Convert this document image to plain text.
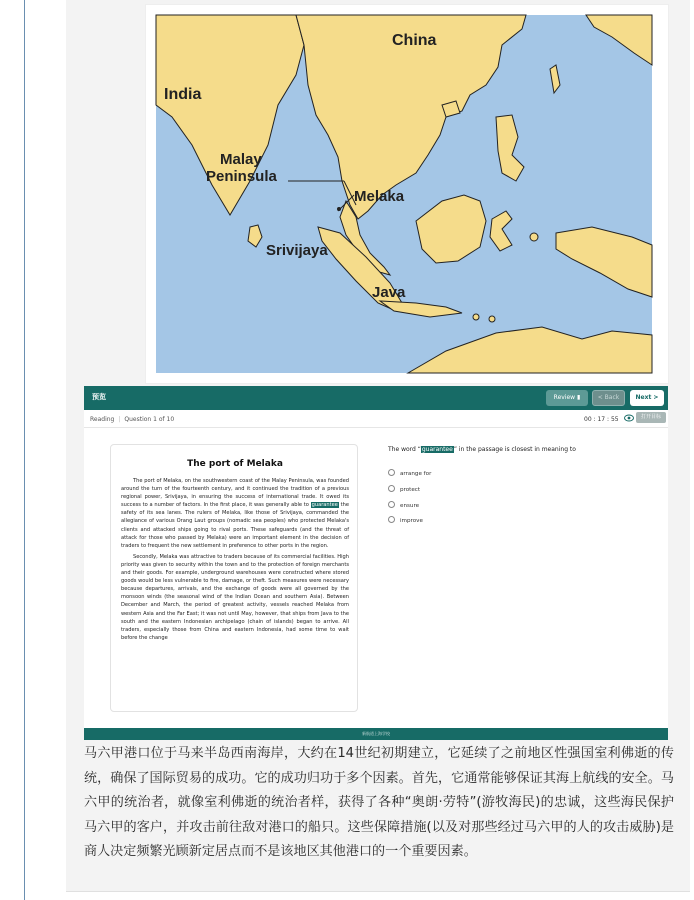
China
India
Malay
Peninsula
Melaka
Srivijaya
Java
预览	Review ▮	< Back	Next >
Reading | Question 1 of 10	00 : 17 : 55	打开目标
The port of Melaka

The port of Melaka, on the southwestern coast of the Malay Peninsula, was founded around the turn of the fourteenth century, and it continued the tradition of a previous regional power, Srivijaya, in ensuring the success of international trade. It owed its success to a number of factors. In the first place, it was generally able to guarantee the safety of its sea lanes. The rulers of Melaka, like those of Srivijaya, commanded the allegiance of various Orang Laut groups (nomadic sea peoples) who protected Melaka's clients and attacked ships going to rival ports. These safeguards (and the threat of attack for those who passed by Melaka) were an important element in the decision of traders to frequent the new settlement in preference to other ports in the region.

Secondly, Melaka was attractive to traders because of its commercial facilities. High priority was given to security within the town and to the protection of foreign merchants and their goods. For example, underground warehouses were constructed where stored goods would be less vulnerable to fire, damage, or theft. Such measures were necessary because departures, arrivals, and the exchange of goods were all governed by the monsoon winds (the seasonal wind of the Indian Ocean and southern Asia). Between December and March, the period of greatest activity, vessels reached Melaka from western Asia and the Far East; it was not until May, however, that ships from Java to the south and the eastern Indonesian archipelago (chain of islands) began to arrive. All traders, especially those from China and eastern Indonesia, had some time to wait before the change

The word “guarantee” in the passage is closest in meaning to
arrange for
protect
ensure
improve
新航道上海学校
马六甲港口位于马来半岛西南海岸，大约在14世纪初期建立，它延续了之前地区性强国室利佛逝的传统，确保了国际贸易的成功。它的成功归功于多个因素。首先，它通常能够保证其海上航线的安全。马六甲的统治者，就像室利佛逝的统治者样，获得了各种“奥朗·劳特”(游牧海民)的忠诚，这些海民保护马六甲的客户，并攻击前往敌对港口的船只。这些保障措施(以及对那些经过马六甲的人的攻击威胁)是商人决定频繁光顾新定居点而不是该地区其他港口的一个重要因素。
